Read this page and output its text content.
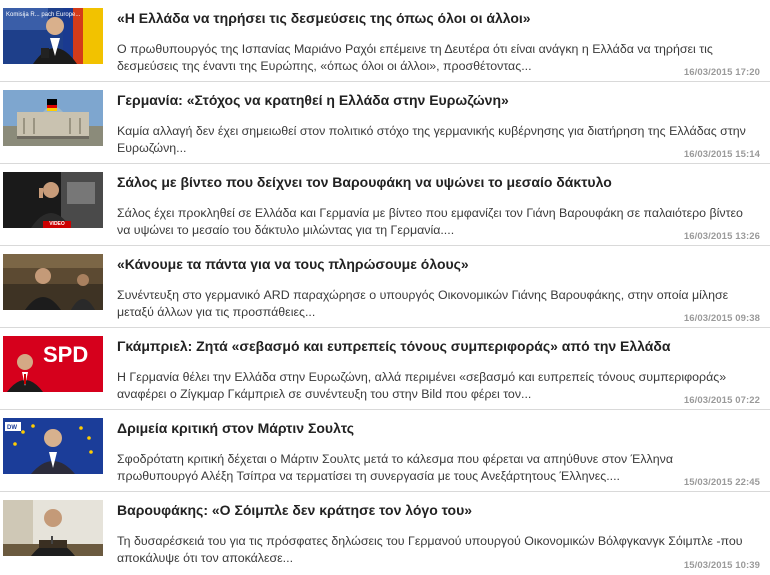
Komisija R... pach Europe...	«Η Ελλάδα να τηρήσει τις δεσμεύσεις της όπως όλοι οι άλλοι»

Ο πρωθυπουργός της Ισπανίας Μαριάνο Ραχόι επέμεινε τη Δευτέρα ότι είναι ανάγκη η Ελλάδα να τηρήσει τις δεσμεύσεις της έναντι της Ευρώπης, «όπως όλοι οι άλλοι», προσθέτοντας...	16/03/2015 17:20
Γερμανία: «Στόχος να κρατηθεί η Ελλάδα στην Ευρωζώνη»

Καμία αλλαγή δεν έχει σημειωθεί στον πολιτικό στόχο της γερμανικής κυβέρνησης για διατήρηση της Ελλάδας στην Ευρωζώνη...	16/03/2015 15:14
VIDEO
Σάλος με βίντεο που δείχνει τον Βαρουφάκη να υψώνει το μεσαίο δάκτυλο

Σάλος έχει προκληθεί σε Ελλάδα και Γερμανία με βίντεο που εμφανίζει τον Γιάνη Βαρουφάκη σε παλαιότερο βίντεο να υψώνει το μεσαίο του δάκτυλο μιλώντας για τη Γερμανία....	16/03/2015 13:26
«Κάνουμε τα πάντα για να τους πληρώσουμε όλους»

Συνέντευξη στο γερμανικό ARD παραχώρησε ο υπουργός Οικονομικών Γιάνης Βαρουφάκης, στην οποία μίλησε μεταξύ άλλων για τις προσπάθειες...	16/03/2015 09:38
SPD Γκάμπριελ: Ζητά «σεβασμό και ευπρεπείς τόνους συμπεριφοράς» από την Ελλάδα

Η Γερμανία θέλει την Ελλάδα στην Ευρωζώνη, αλλά περιμένει «σεβασμό και ευπρεπείς τόνους συμπεριφοράς» αναφέρει ο Ζίγκμαρ Γκάμπριελ σε συνέντευξη του στην Bild που φέρει τον...	16/03/2015 07:22
DW	Δριμεία κριτική στον Μάρτιν Σουλτς

Σφοδρότατη κριτική δέχεται ο Μάρτιν Σουλτς μετά το κάλεσμα που φέρεται να απηύθυνε στον Έλληνα πρωθυπουργό Αλέξη Τσίπρα να τερματίσει τη συνεργασία με τους Ανεξάρτητους Έλληνες....	15/03/2015 22:45
Βαρουφάκης: «Ο Σόιμπλε δεν κράτησε τον λόγο του»

Τη δυσαρέσκειά του για τις πρόσφατες δηλώσεις του Γερμανού υπουργού Οικονομικών Βόλφγκανγκ Σόιμπλε -που αποκάλυψε ότι τον αποκάλεσε...

15/03/2015 10:39
